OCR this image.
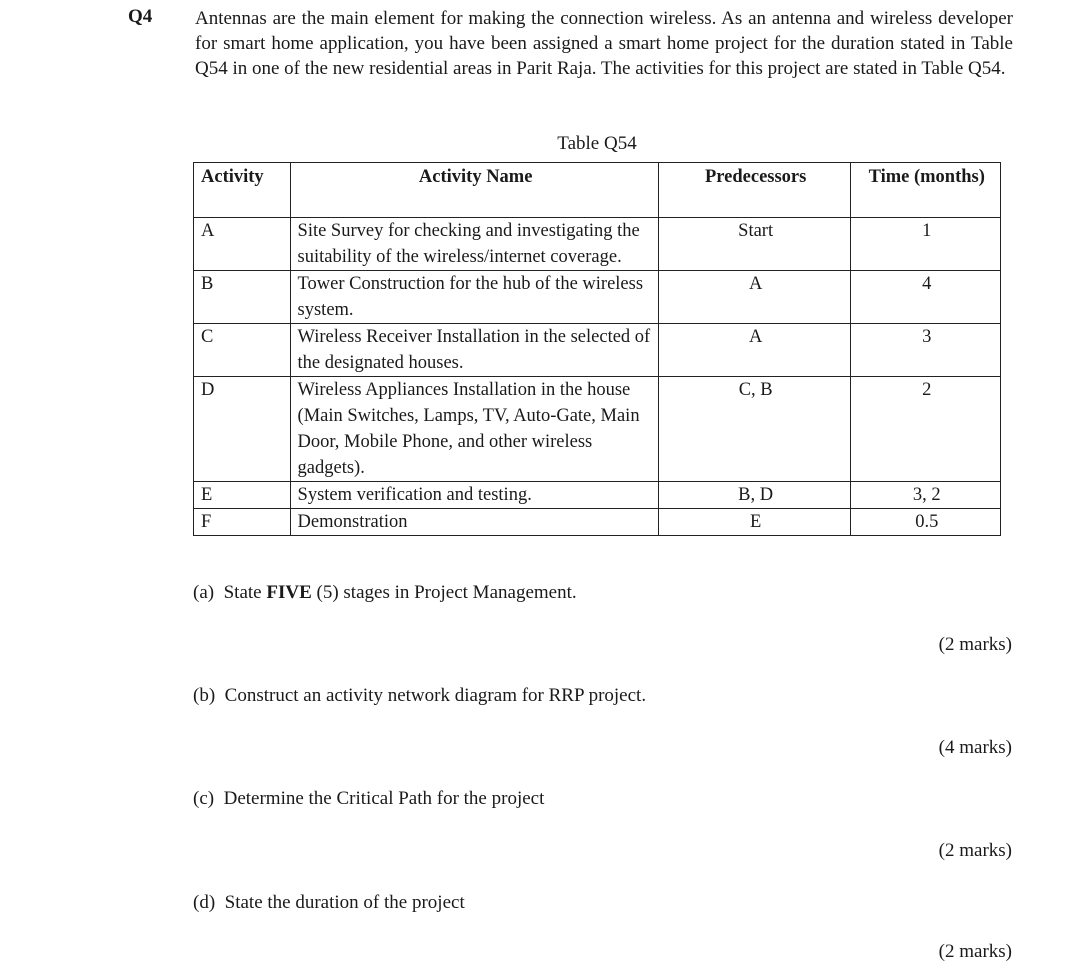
Q4 Antennas are the main element for making the connection wireless. As an antenna and wireless developer for smart home application, you have been assigned a smart home project for the duration stated in Table Q54 in one of the new residential areas in Parit Raja. The activities for this project are stated in Table Q54.

Table Q54
Activity	Activity Name	Predecessors	Time (months)
A	Site Survey for checking and investigating the suitability of the wireless/internet coverage.	Start	1
B	Tower Construction for the hub of the wireless system.	A	4
C	Wireless Receiver Installation in the selected of the designated houses.	A	3
D	Wireless Appliances Installation in the house (Main Switches, Lamps, TV, Auto-Gate, Main Door, Mobile Phone, and other wireless gadgets).	C, B	2
E	System verification and testing.	B, D	3, 2
F	Demonstration	E	0.5
(a) State FIVE (5) stages in Project Management.
(2 marks)
(b) Construct an activity network diagram for RRP project.
(4 marks)
(c) Determine the Critical Path for the project
(2 marks)
(d) State the duration of the project
(2 marks)
